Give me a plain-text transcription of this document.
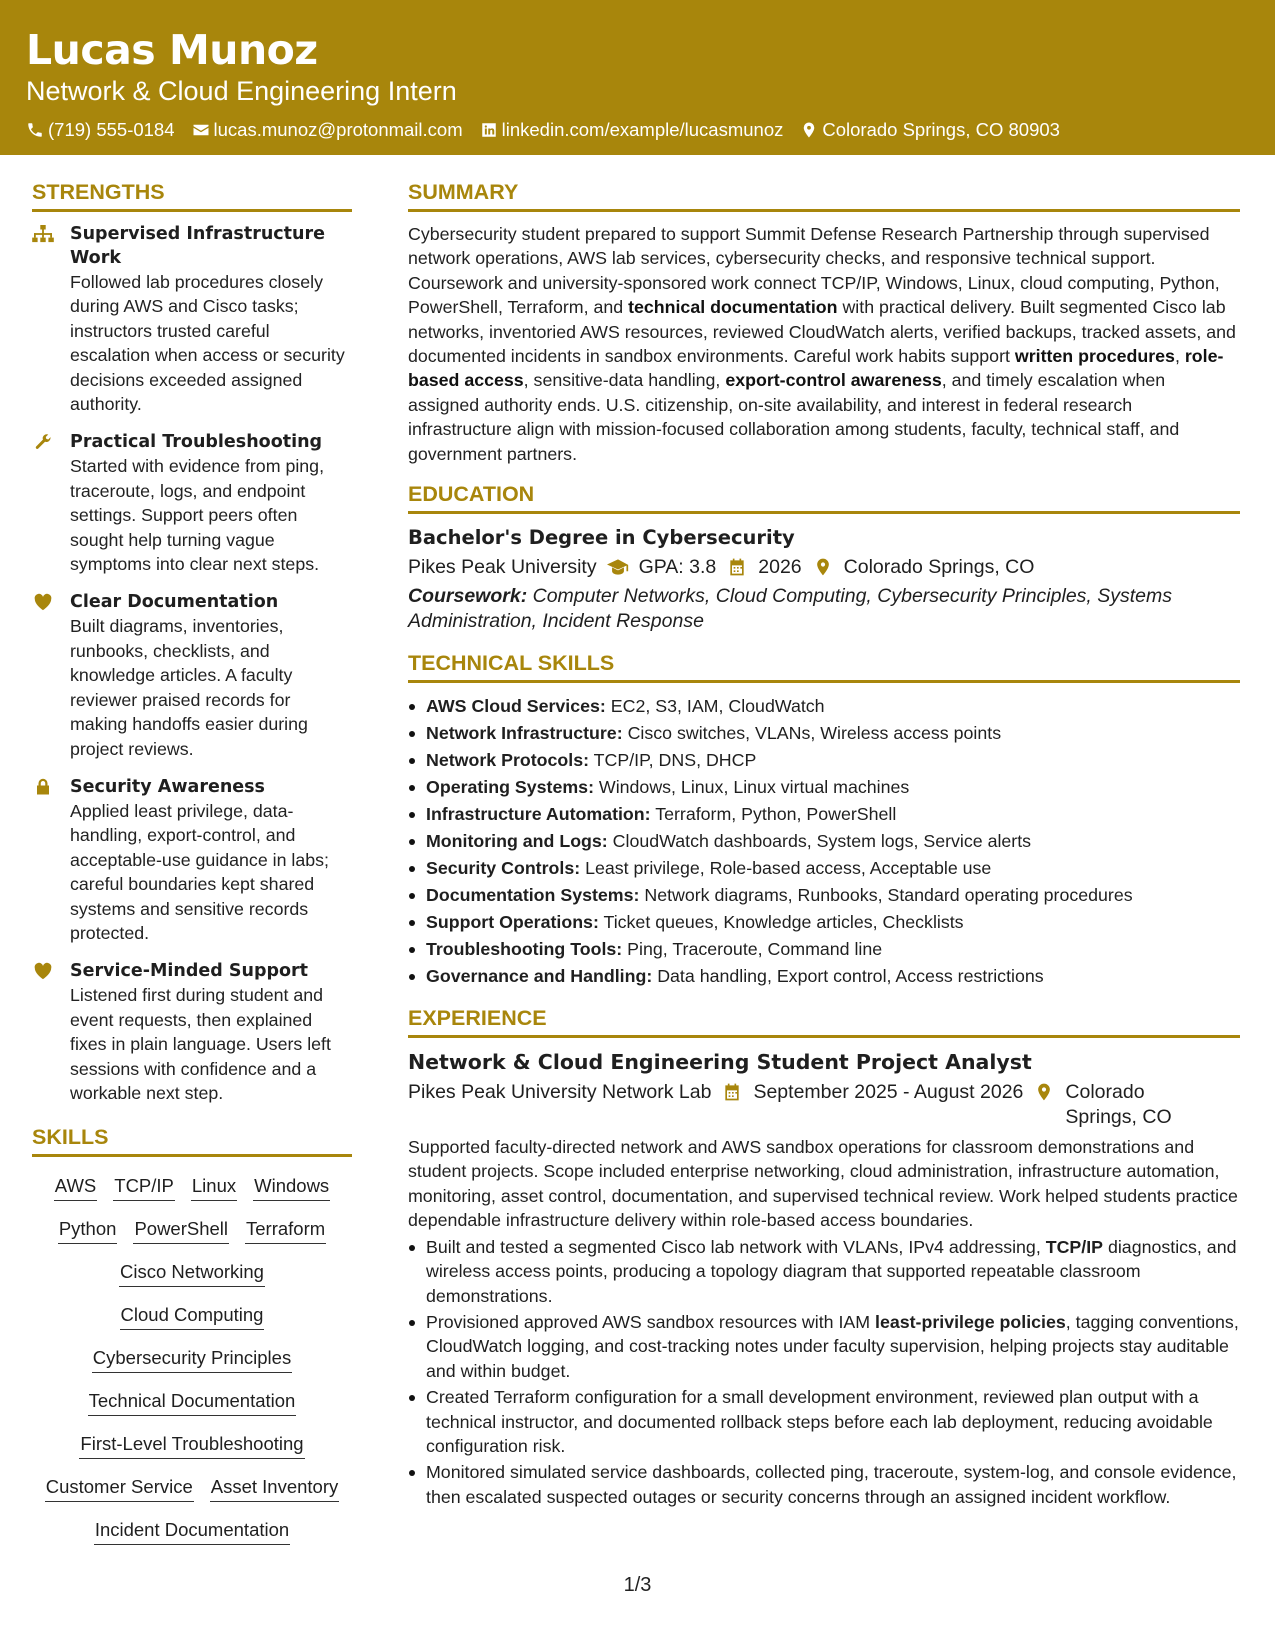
Lucas Munoz
Network & Cloud Engineering Intern
(719) 555-0184 lucas.munoz@protonmail.com linkedin.com/example/lucasmunoz Colorado Springs, CO 80903
STRENGTHS
Supervised Infrastructure Work
Followed lab procedures closely during AWS and Cisco tasks; instructors trusted careful escalation when access or security decisions exceeded assigned authority.
Practical Troubleshooting
Started with evidence from ping, traceroute, logs, and endpoint settings. Support peers often sought help turning vague symptoms into clear next steps.
Clear Documentation
Built diagrams, inventories, runbooks, checklists, and knowledge articles. A faculty reviewer praised records for making handoffs easier during project reviews.
Security Awareness
Applied least privilege, data-handling, export-control, and acceptable-use guidance in labs; careful boundaries kept shared systems and sensitive records protected.
Service-Minded Support
Listened first during student and event requests, then explained fixes in plain language. Users left sessions with confidence and a workable next step.
SKILLS
AWS TCP/IP Linux Windows
Python PowerShell Terraform
Cisco Networking
Cloud Computing
Cybersecurity Principles
Technical Documentation
First-Level Troubleshooting
Customer Service Asset Inventory
Incident Documentation
SUMMARY

Cybersecurity student prepared to support Summit Defense Research Partnership through supervised network operations, AWS lab services, cybersecurity checks, and responsive technical support. Coursework and university-sponsored work connect TCP/IP, Windows, Linux, cloud computing, Python, PowerShell, Terraform, and technical documentation with practical delivery. Built segmented Cisco lab networks, inventoried AWS resources, reviewed CloudWatch alerts, verified backups, tracked assets, and documented incidents in sandbox environments. Careful work habits support written procedures, role-based access, sensitive-data handling, export-control awareness, and timely escalation when assigned authority ends. U.S. citizenship, on-site availability, and interest in federal research infrastructure align with mission-focused collaboration among students, faculty, technical staff, and government partners.

EDUCATION
Bachelor's Degree in Cybersecurity
Pikes Peak University GPA: 3.8 2026 Colorado Springs, CO
Coursework: Computer Networks, Cloud Computing, Cybersecurity Principles, Systems Administration, Incident Response
TECHNICAL SKILLS
AWS Cloud Services: EC2, S3, IAM, CloudWatch
Network Infrastructure: Cisco switches, VLANs, Wireless access points
Network Protocols: TCP/IP, DNS, DHCP
Operating Systems: Windows, Linux, Linux virtual machines
Infrastructure Automation: Terraform, Python, PowerShell
Monitoring and Logs: CloudWatch dashboards, System logs, Service alerts
Security Controls: Least privilege, Role-based access, Acceptable use
Documentation Systems: Network diagrams, Runbooks, Standard operating procedures
Support Operations: Ticket queues, Knowledge articles, Checklists
Troubleshooting Tools: Ping, Traceroute, Command line
Governance and Handling: Data handling, Export control, Access restrictions
EXPERIENCE
Network & Cloud Engineering Student Project Analyst
Pikes Peak University Network Lab September 2025 - August 2026 Colorado Springs, CO

Supported faculty-directed network and AWS sandbox operations for classroom demonstrations and student projects. Scope included enterprise networking, cloud administration, infrastructure automation, monitoring, asset control, documentation, and supervised technical review. Work helped students practice dependable infrastructure delivery within role-based access boundaries.

Built and tested a segmented Cisco lab network with VLANs, IPv4 addressing, TCP/IP diagnostics, and wireless access points, producing a topology diagram that supported repeatable classroom demonstrations.
Provisioned approved AWS sandbox resources with IAM least-privilege policies, tagging conventions, CloudWatch logging, and cost-tracking notes under faculty supervision, helping projects stay auditable and within budget.
Created Terraform configuration for a small development environment, reviewed plan output with a technical instructor, and documented rollback steps before each lab deployment, reducing avoidable configuration risk.
Monitored simulated service dashboards, collected ping, traceroute, system-log, and console evidence, then escalated suspected outages or security concerns through an assigned incident workflow.
1/3
